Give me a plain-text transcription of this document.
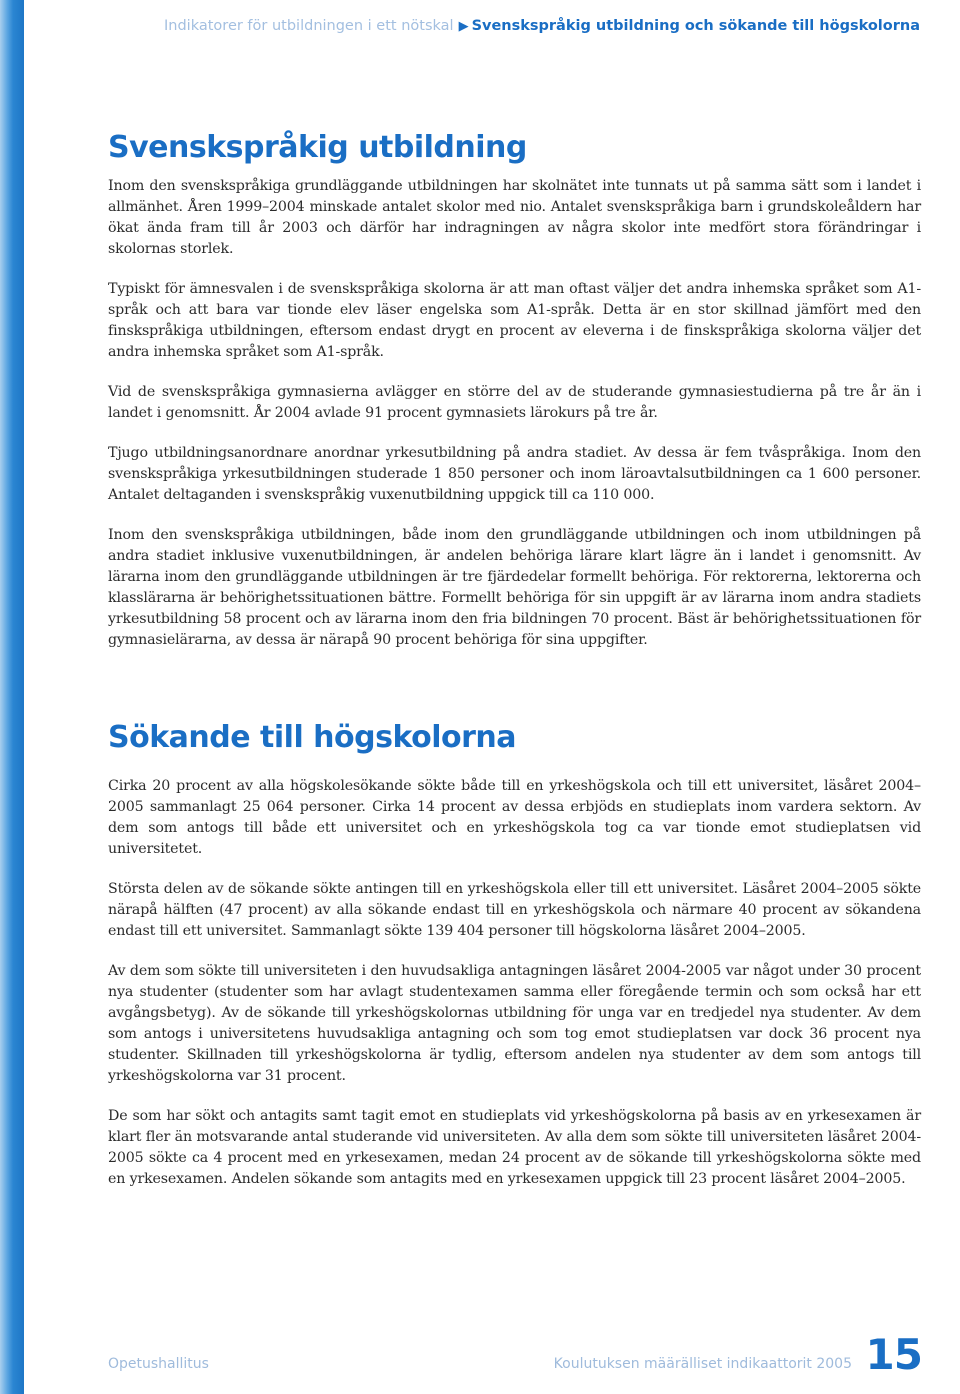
Indikatorer för utbildningen i ett nötskal ▶ Svenskspråkig utbildning och sökande till högskolorna
Svenskspråkig utbildning

Inom den svenskspråkiga grundläggande utbildningen har skolnätet inte tunnats ut på samma sätt som i landet i allmänhet. Åren 1999–2004 minskade antalet skolor med nio. Antalet svenskspråkiga barn i grundskoleåldern har ökat ända fram till år 2003 och därför har indragningen av några skolor inte medfört stora förändringar i skolornas storlek.

Typiskt för ämnesvalen i de svenskspråkiga skolorna är att man oftast väljer det andra inhemska språket som A1-språk och att bara var tionde elev läser engelska som A1-språk. Detta är en stor skillnad jämfört med den finskspråkiga utbildningen, eftersom endast drygt en procent av eleverna i de finskspråkiga skolorna väljer det andra inhemska språket som A1-språk.

Vid de svenskspråkiga gymnasierna avlägger en större del av de studerande gymnasiestudierna på tre år än i landet i genomsnitt. År 2004 avlade 91 procent gymnasiets lärokurs på tre år.

Tjugo utbildningsanordnare anordnar yrkesutbildning på andra stadiet. Av dessa är fem tvåspråkiga. Inom den svenskspråkiga yrkesutbildningen studerade 1 850 personer och inom läroavtalsutbildningen ca 1 600 personer. Antalet deltaganden i svenskspråkig vuxenutbildning uppgick till ca 110 000.

Inom den svenskspråkiga utbildningen, både inom den grundläggande utbildningen och inom utbildningen på andra stadiet inklusive vuxenutbildningen, är andelen behöriga lärare klart lägre än i landet i genomsnitt. Av lärarna inom den grundläggande utbildningen är tre fjärdedelar formellt behöriga. För rektorerna, lektorerna och klasslärarna är behörighetssituationen bättre. Formellt behöriga för sin uppgift är av lärarna inom andra stadiets yrkesutbildning 58 procent och av lärarna inom den fria bildningen 70 procent. Bäst är behörighetssituationen för gymnasielärarna, av dessa är närapå 90 procent behöriga för sina uppgifter.

Sökande till högskolorna

Cirka 20 procent av alla högskolesökande sökte både till en yrkeshögskola och till ett universitet, läsåret 2004–2005 sammanlagt 25 064 personer. Cirka 14 procent av dessa erbjöds en studieplats inom vardera sektorn. Av dem som antogs till både ett universitet och en yrkeshögskola tog ca var tionde emot studieplatsen vid universitetet.

Största delen av de sökande sökte antingen till en yrkeshögskola eller till ett universitet. Läsåret 2004–2005 sökte närapå hälften (47 procent) av alla sökande endast till en yrkeshögskola och närmare 40 procent av sökandena endast till ett universitet. Sammanlagt sökte 139 404 personer till högskolorna läsåret 2004–2005.

Av dem som sökte till universiteten i den huvudsakliga antagningen läsåret 2004-2005 var något under 30 procent nya studenter (studenter som har avlagt studentexamen samma eller föregående termin och som också har ett avgångsbetyg). Av de sökande till yrkeshögskolornas utbildning för unga var en tredjedel nya studenter. Av dem som antogs i universitetens huvudsakliga antagning och som tog emot studieplatsen var dock 36 procent nya studenter. Skillnaden till yrkeshögskolorna är tydlig, eftersom andelen nya studenter av dem som antogs till yrkeshögskolorna var 31 procent.

De som har sökt och antagits samt tagit emot en studieplats vid yrkeshögskolorna på basis av en yrkesexamen är klart fler än motsvarande antal studerande vid universiteten. Av alla dem som sökte till universiteten läsåret 2004-2005 sökte ca 4 procent med en yrkesexamen, medan 24 procent av de sökande till yrkeshögskolorna sökte med en yrkesexamen. Andelen sökande som antagits med en yrkesexamen uppgick till 23 procent läsåret 2004–2005.

Opetushallitus	Koulutuksen määrälliset indikaattorit 2005 15
